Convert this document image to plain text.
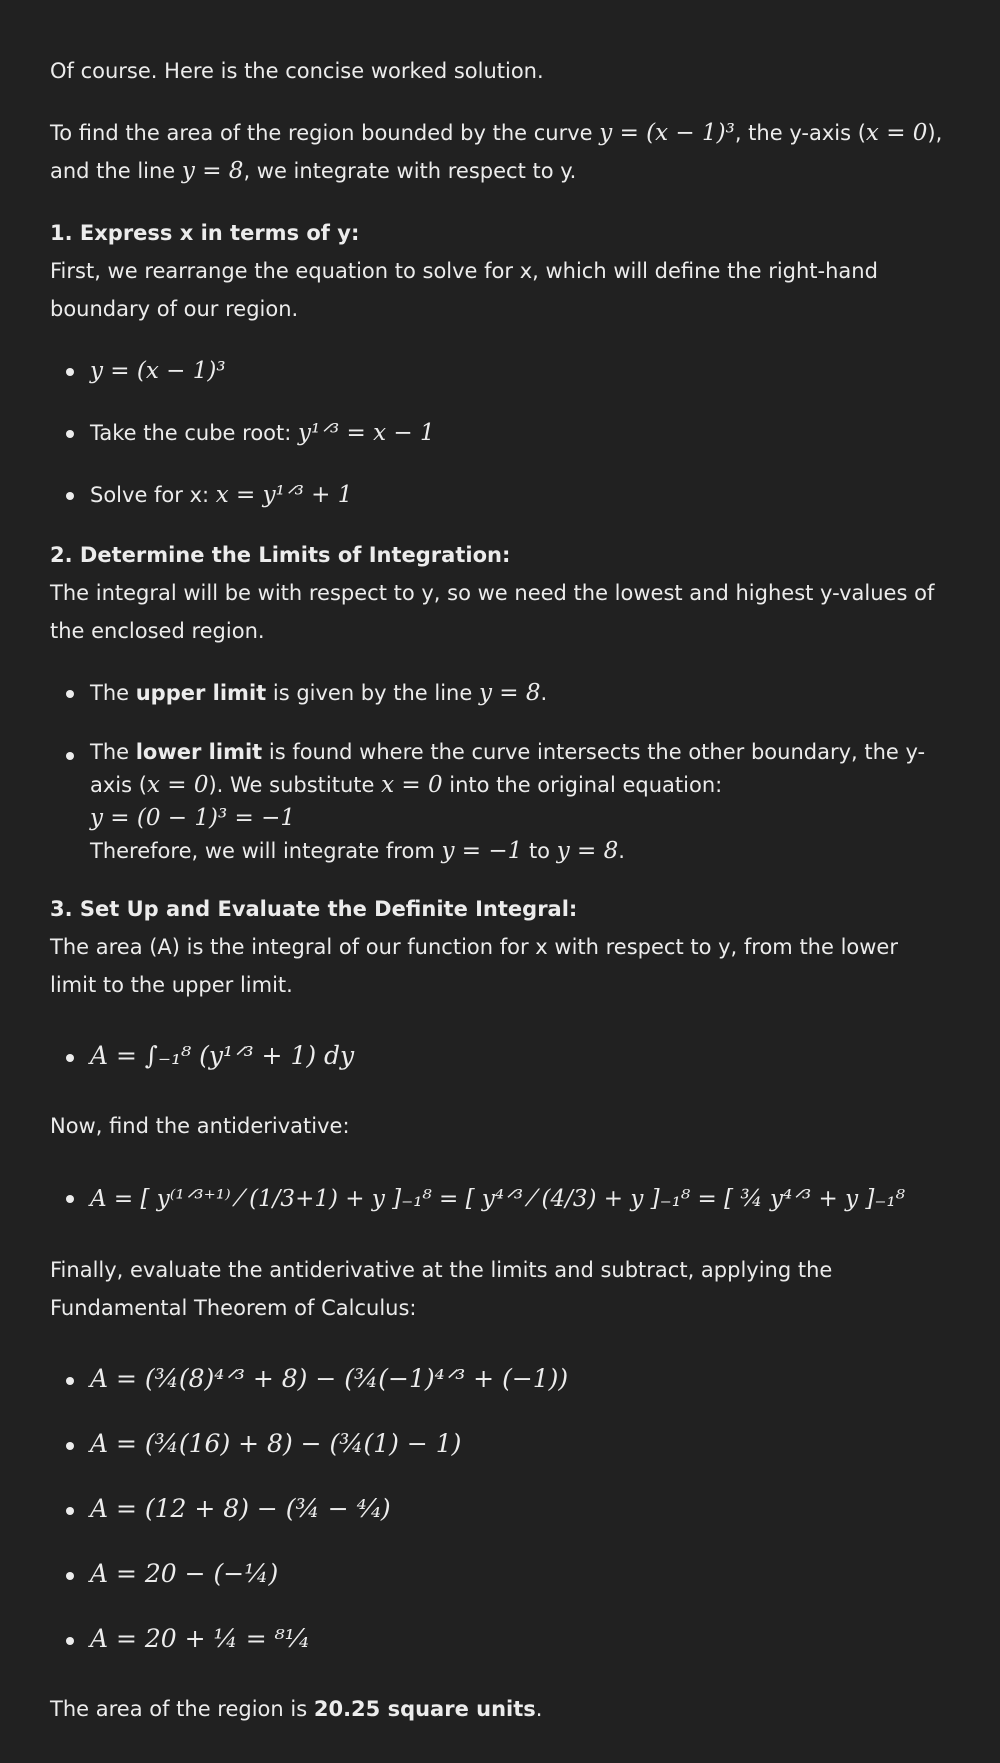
Of course. Here is the concise worked solution.

To find the area of the region bounded by the curve y = (x − 1)³, the y-axis (x = 0), and the line y = 8, we integrate with respect to y.

1. Express x in terms of y:

First, we rearrange the equation to solve for x, which will define the right-hand boundary of our region.

y = (x − 1)³
Take the cube root: y¹ᐟ³ = x − 1
Solve for x: x = y¹ᐟ³ + 1

2. Determine the Limits of Integration:

The integral will be with respect to y, so we need the lowest and highest y-values of the enclosed region.

The upper limit is given by the line y = 8.
The lower limit is found where the curve intersects the other boundary, the y-axis (x = 0). We substitute x = 0 into the original equation:
y = (0 − 1)³ = −1
Therefore, we will integrate from y = −1 to y = 8.

3. Set Up and Evaluate the Definite Integral:

The area (A) is the integral of our function for x with respect to y, from the lower limit to the upper limit.

A = ∫₋₁⁸ (y¹ᐟ³ + 1) dy

Now, find the antiderivative:

A = [ y⁽¹ᐟ³⁺¹⁾ ⁄ (1/3+1) + y ]₋₁⁸ = [ y⁴ᐟ³ ⁄ (4/3) + y ]₋₁⁸ = [ ¾ y⁴ᐟ³ + y ]₋₁⁸

Finally, evaluate the antiderivative at the limits and subtract, applying the Fundamental Theorem of Calculus:

A = (¾(8)⁴ᐟ³ + 8) − (¾(−1)⁴ᐟ³ + (−1))
A = (¾(16) + 8) − (¾(1) − 1)
A = (12 + 8) − (¾ − ⁴⁄₄)
A = 20 − (−¼)
A = 20 + ¼ = ⁸¹⁄₄

The area of the region is 20.25 square units.
